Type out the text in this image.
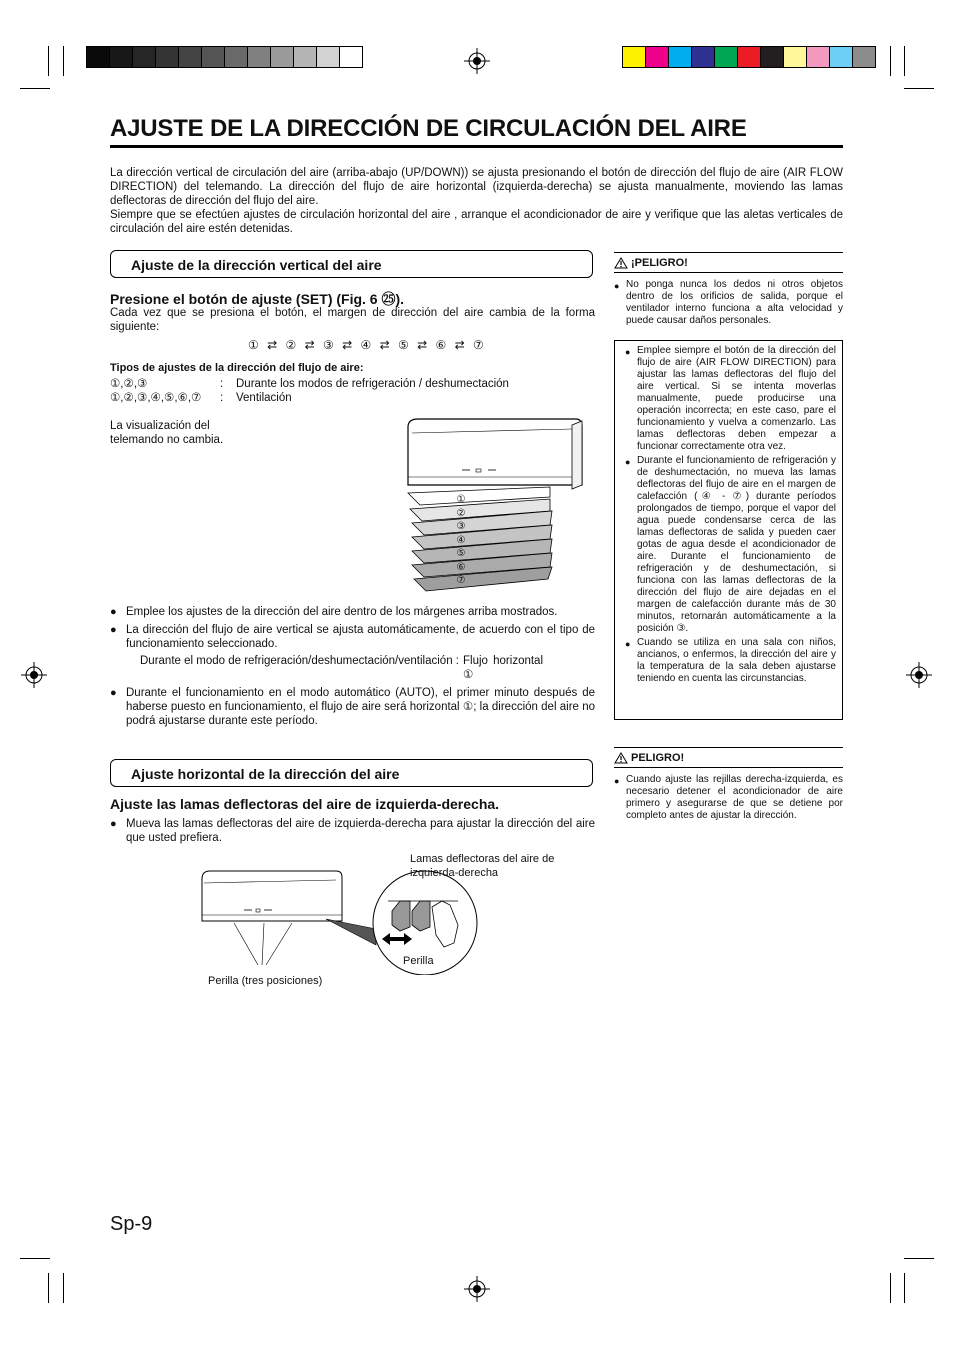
AJUSTE DE LA DIRECCIÓN DE CIRCULACIÓN DEL AIRE

La dirección vertical de circulación del aire (arriba-abajo (UP/DOWN)) se ajusta presionando el botón de dirección del flujo de aire (AIR FLOW DIRECTION) del telemando. La dirección del flujo de aire horizontal (izquierda-derecha) se ajusta manualmente, moviendo las lamas deflectoras de dirección del flujo del aire.

Siempre que se efectúen ajustes de circulación horizontal del aire , arranque el acondicionador de aire y verifique que las aletas verticales de circulación del aire estén detenidas.

Ajuste de la dirección vertical del aire
Presione el botón de ajuste (SET) (Fig. 6 ㉕).
Cada vez que se presiona el botón, el margen de dirección del aire cambia de la forma siguiente:
① ⇄ ② ⇄ ③ ⇄ ④ ⇄ ⑤ ⇄ ⑥ ⇄ ⑦
Tipos de ajustes de la dirección del flujo de aire:
①,②,③	:	Durante los modos de refrigeración / deshumectación
①,②,③,④,⑤,⑥,⑦	:	Ventilación
La visualización del telemando no cambia.
①
②
③
④
⑤
⑥
⑦
● Emplee los ajustes de la dirección del aire dentro de los márgenes arriba mostrados.
● La dirección del flujo de aire vertical se ajusta automáticamente, de acuerdo con el tipo de funcionamiento seleccionado.
Durante el modo de refrigeración/deshumectación/ventilación : Flujo horizontal ①
● Durante el funcionamiento en el modo automático (AUTO), el primer minuto después de haberse puesto en funcionamiento, el flujo de aire será horizontal ①; la dirección del aire no podrá ajustarse durante este período.
Ajuste horizontal de la dirección del aire
Ajuste las lamas deflectoras del aire de izquierda-derecha.
● Mueva las lamas deflectoras del aire de izquierda-derecha para ajustar la dirección del aire que usted prefiera.
Lamas deflectoras del aire de izquierda-derecha
Perilla
Perilla (tres posiciones)
¡PELIGRO!
● No ponga nunca los dedos ni otros objetos dentro de los orificios de salida, porque el ventilador interno funciona a alta velocidad y puede causar daños personales.
● Emplee siempre el botón de la dirección del flujo de aire (AIR FLOW DIRECTION) para ajustar las lamas deflectoras del flujo del aire vertical. Si se intenta moverlas manualmente, puede producirse una operación incorrecta; en este caso, pare el funcionamiento y vuelva a comenzarlo. Las lamas deflectoras deben empezar a funcionar correctamente otra vez.
● Durante el funcionamiento de refrigeración y de deshumectación, no mueva las lamas deflectoras del flujo de aire en el margen de calefacción (④ - ⑦) durante períodos prolongados de tiempo, porque el vapor del agua puede condensarse cerca de las lamas deflectoras de salida y pueden caer gotas de agua desde el acondicionador de aire. Durante el funcionamiento de refrigeración y de deshumectación, si funciona con las lamas deflectoras de la dirección del flujo de aire dejadas en el margen de calefacción durante más de 30 minutos, retornarán automáticamente a la posición ③.
● Cuando se utiliza en una sala con niños, ancianos, o enfermos, la dirección del aire y la temperatura de la sala deben ajustarse teniendo en cuenta las circunstancias.
PELIGRO!
● Cuando ajuste las rejillas derecha-izquierda, es necesario detener el acondicionador de aire primero y asegurarse de que se detiene por completo antes de ajustar la dirección.
Sp-9
